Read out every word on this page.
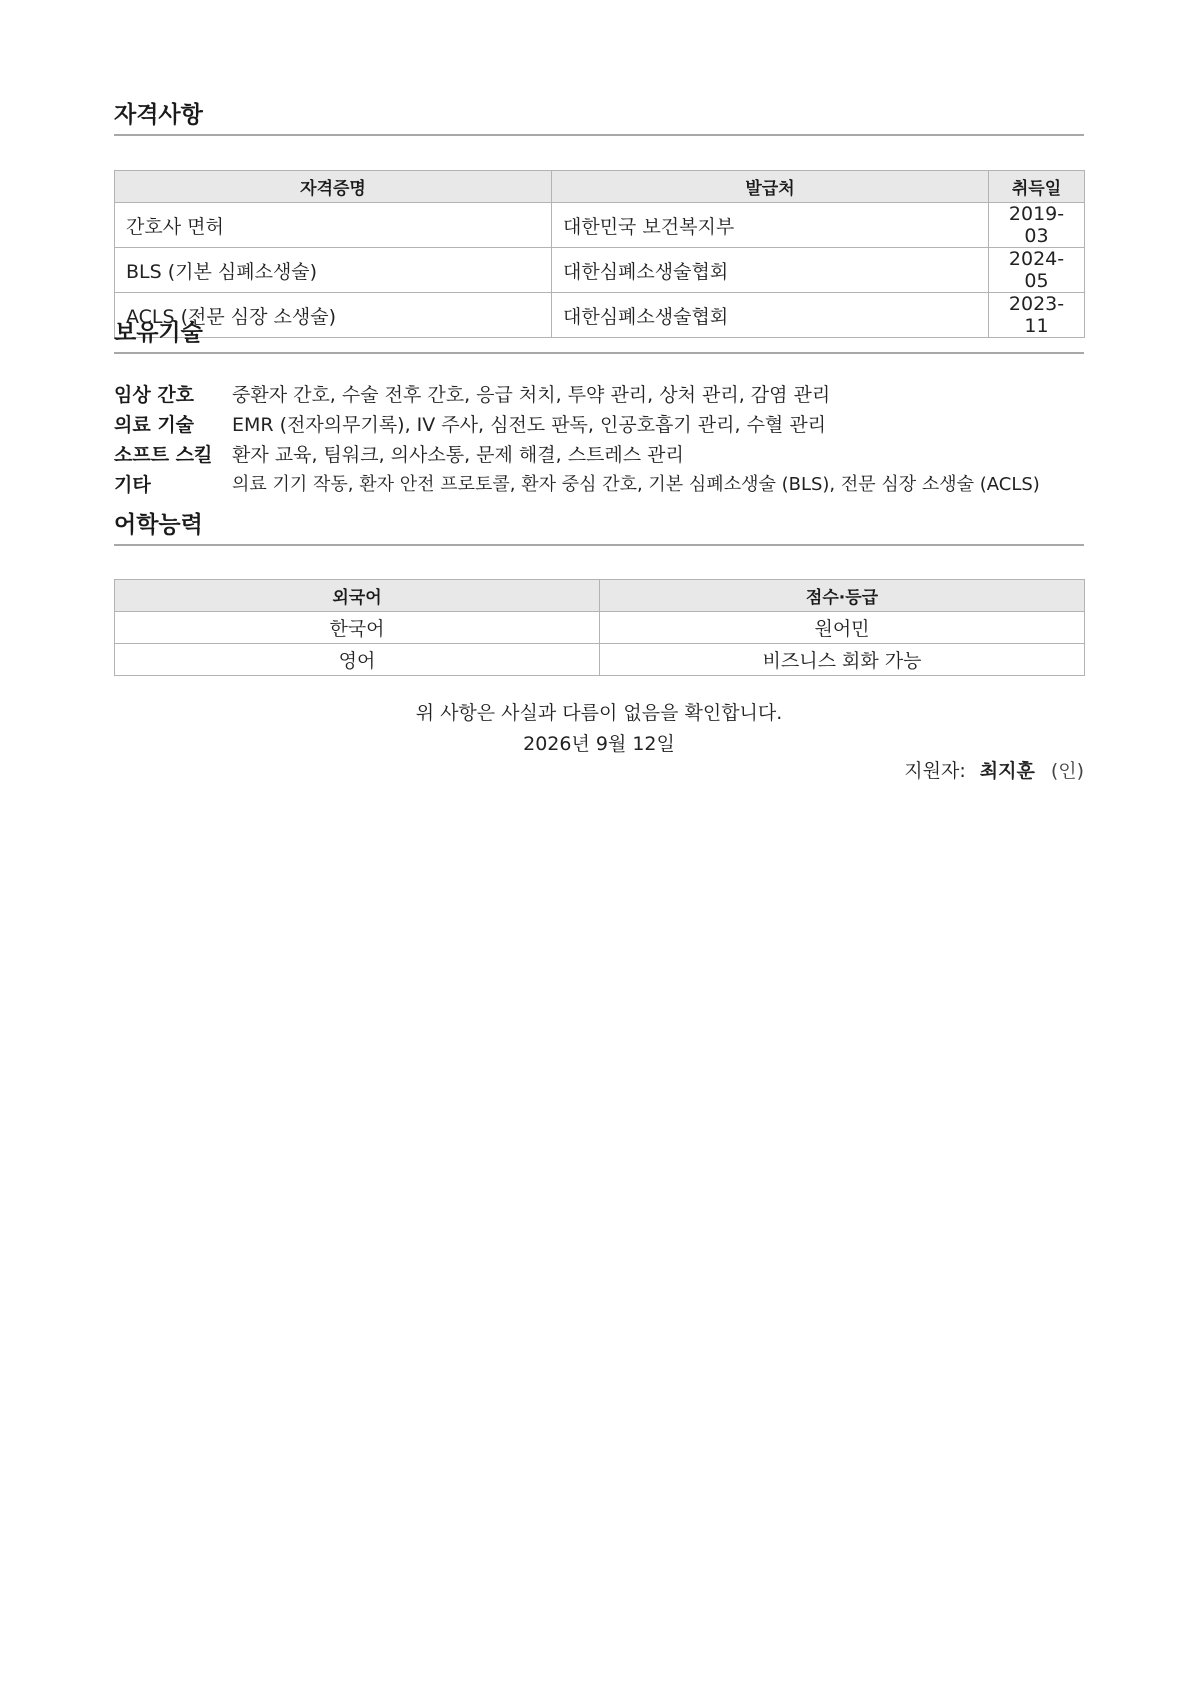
자격사항
자격증명	발급처	취득일
간호사 면허	대한민국 보건복지부	2019-03
BLS (기본 심폐소생술)	대한심폐소생술협회	2024-05
ACLS (전문 심장 소생술)	대한심폐소생술협회	2023-11
보유기술
임상 간호	중환자 간호, 수술 전후 간호, 응급 처치, 투약 관리, 상처 관리, 감염 관리
의료 기술	EMR (전자의무기록), IV 주사, 심전도 판독, 인공호흡기 관리, 수혈 관리
소프트 스킬	환자 교육, 팀워크, 의사소통, 문제 해결, 스트레스 관리
기타	의료 기기 작동, 환자 안전 프로토콜, 환자 중심 간호, 기본 심폐소생술 (BLS), 전문 심장 소생술 (ACLS)
어학능력
외국어	점수·등급
한국어	원어민
영어	비즈니스 회화 가능
위 사항은 사실과 다름이 없음을 확인합니다.
2026년 9월 12일
지원자: 최지훈 (인)
